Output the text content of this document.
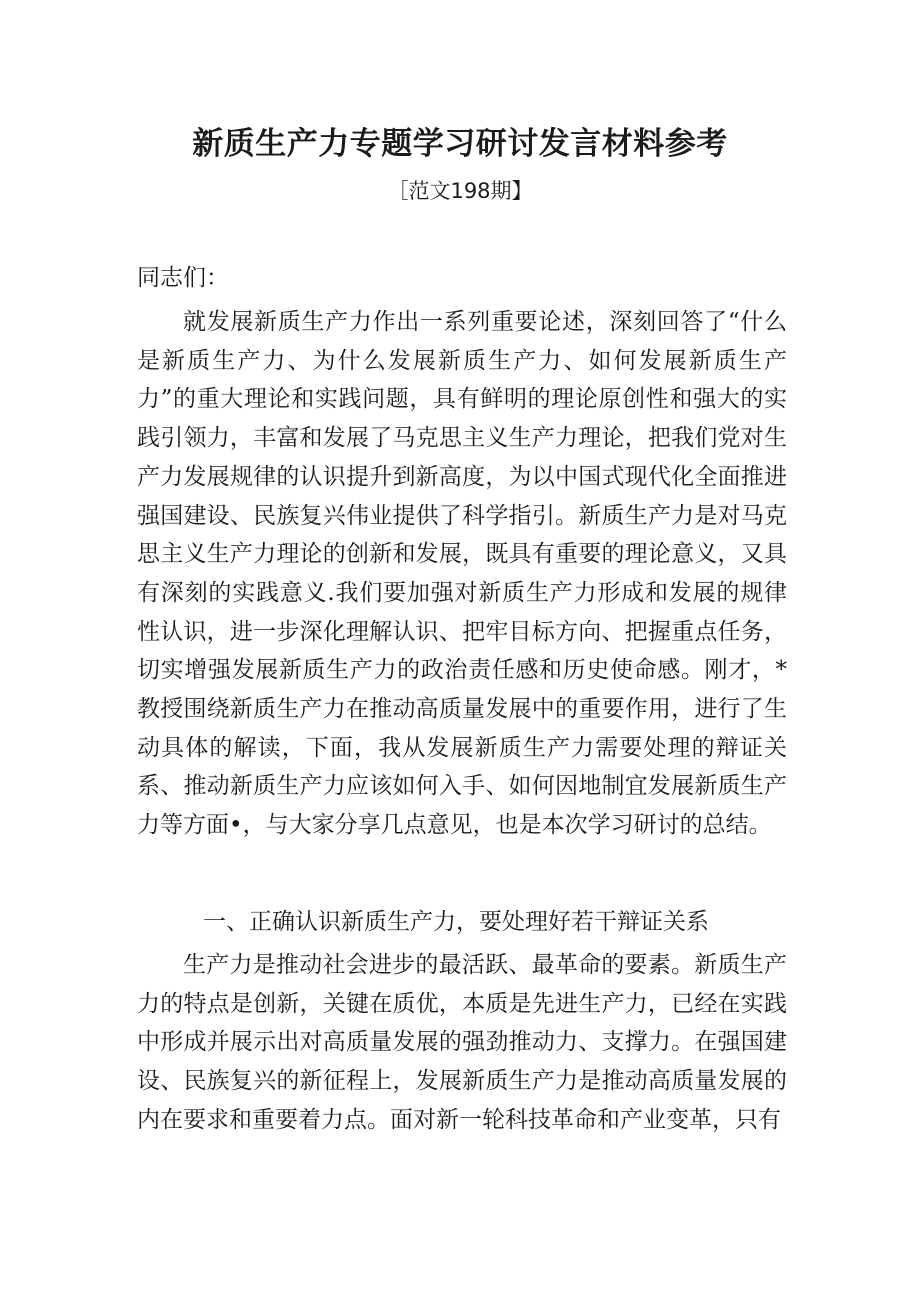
新质生产力专题学习研讨发言材料参考

［范文198期】

同志们：

就发展新质生产力作出一系列重要论述，深刻回答了“什么是新质生产力、为什么发展新质生产力、如何发展新质生产力”的重大理论和实践问题，具有鲜明的理论原创性和强大的实践引领力，丰富和发展了马克思主义生产力理论，把我们党对生产力发展规律的认识提升到新高度，为以中国式现代化全面推进强国建设、民族复兴伟业提供了科学指引。新质生产力是对马克思主义生产力理论的创新和发展，既具有重要的理论意义，又具有深刻的实践意义.我们要加强对新质生产力形成和发展的规律性认识，进一步深化理解认识、把牢目标方向、把握重点任务，切实增强发展新质生产力的政治责任感和历史使命感。刚才，*教授围绕新质生产力在推动高质量发展中的重要作用，进行了生动具体的解读，下面，我从发展新质生产力需要处理的辩证关系、推动新质生产力应该如何入手、如何因地制宜发展新质生产力等方面•，与大家分享几点意见，也是本次学习研讨的总结。

一、正确认识新质生产力，要处理好若干辩证关系

生产力是推动社会进步的最活跃、最革命的要素。新质生产力的特点是创新，关键在质优，本质是先进生产力，已经在实践中形成并展示出对高质量发展的强劲推动力、支撑力。在强国建设、民族复兴的新征程上，发展新质生产力是推动高质量发展的内在要求和重要着力点。面对新一轮科技革命和产业变革，只有
